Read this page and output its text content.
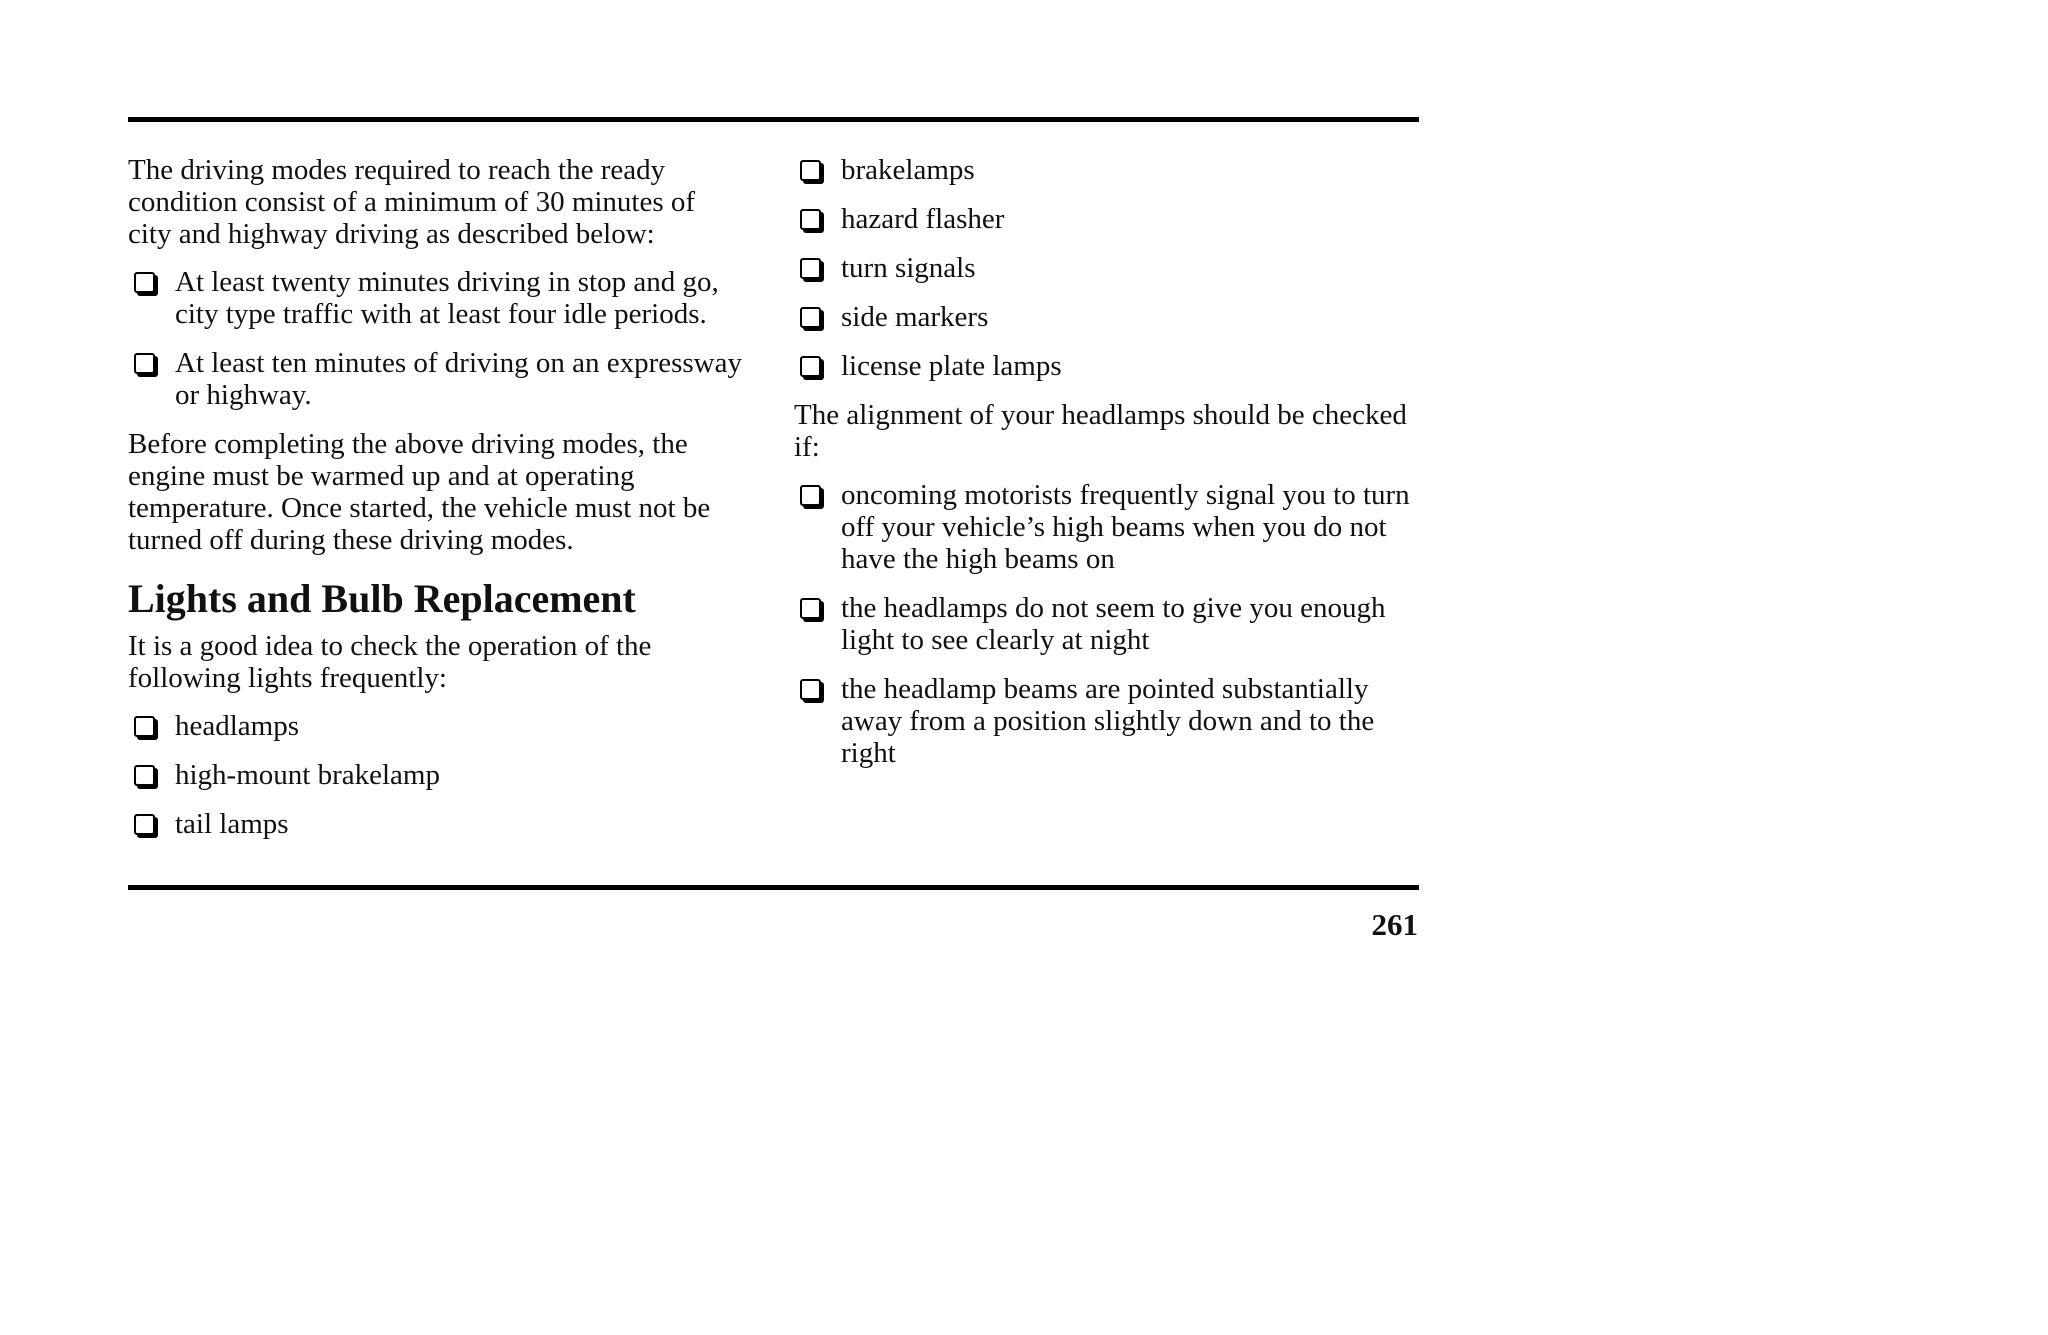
The driving modes required to reach the ready condition consist of a minimum of 30 minutes of city and highway driving as described below:

At least twenty minutes driving in stop and go, city type traffic with at least four idle periods.
At least ten minutes of driving on an expressway or highway.

Before completing the above driving modes, the engine must be warmed up and at operating temperature. Once started, the vehicle must not be turned off during these driving modes.

Lights and Bulb Replacement

It is a good idea to check the operation of the following lights frequently:

headlamps
high-mount brakelamp
tail lamps
brakelamps
hazard flasher
turn signals
side markers
license plate lamps

The alignment of your headlamps should be checked if:

oncoming motorists frequently signal you to turn off your vehicle’s high beams when you do not have the high beams on
the headlamps do not seem to give you enough light to see clearly at night
the headlamp beams are pointed substantially away from a position slightly down and to the right
261
